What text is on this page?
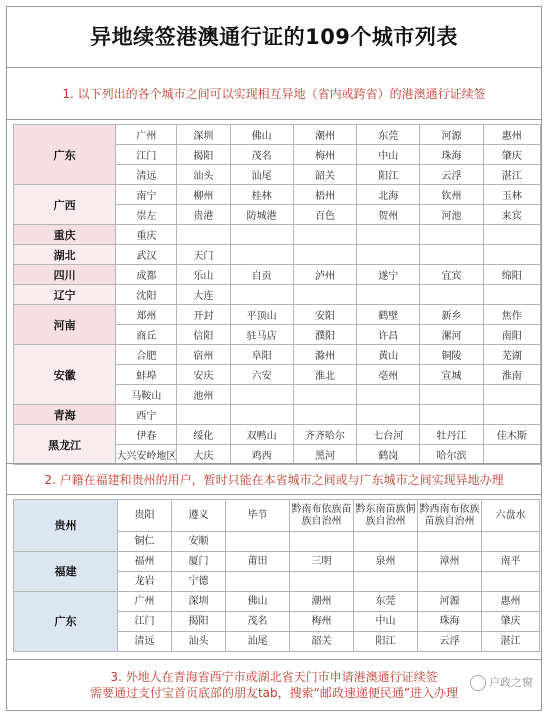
异地续签港澳通行证的109个城市列表
1. 以下列出的各个城市之间可以实现相互异地（省内或跨省）的港澳通行证续签
广东	广州	深圳	佛山	潮州	东莞	河源	惠州
	江门	揭阳	茂名	梅州	中山	珠海	肇庆
	清远	汕头	汕尾	韶关	阳江	云浮	湛江
广西	南宁	柳州	桂林	梧州	北海	钦州	玉林
	崇左	贵港	防城港	百色	贺州	河池	来宾
重庆	重庆						
湖北	武汉	天门					
四川	成都	乐山	自贡	泸州	遂宁	宜宾	绵阳
辽宁	沈阳	大连					
河南	郑州	开封	平顶山	安阳	鹤壁	新乡	焦作
	商丘	信阳	驻马店	濮阳	许昌	漯河	南阳
安徽	合肥	宿州	阜阳	滁州	黄山	铜陵	芜湖
	蚌埠	安庆	六安	淮北	亳州	宣城	淮南
	马鞍山	池州					
青海	西宁						
黑龙江	伊春	绥化	双鸭山	齐齐哈尔	七台河	牡丹江	佳木斯
	大兴安岭地区	大庆	鸡西	黑河	鹤岗	哈尔滨	
2. 户籍在福建和贵州的用户，暂时只能在本省城市之间或与广东城市之间实现异地办理
贵州	贵阳	遵义	毕节	黔南布依族苗族自治州	黔东南苗族侗族自治州	黔西南布依族苗族自治州	六盘水
	铜仁	安顺					
福建	福州	厦门	莆田	三明	泉州	漳州	南平
	龙岩	宁德					
广东	广州	深圳	佛山	潮州	东莞	河源	惠州
	江门	揭阳	茂名	梅州	中山	珠海	肇庆
	清远	汕头	汕尾	韶关	阳江	云浮	湛江
3. 外地人在青海省西宁市或湖北省天门市申请港澳通行证续签
需要通过支付宝首页底部的朋友tab，搜索“邮政速递便民通”进入办理
户政之窗
